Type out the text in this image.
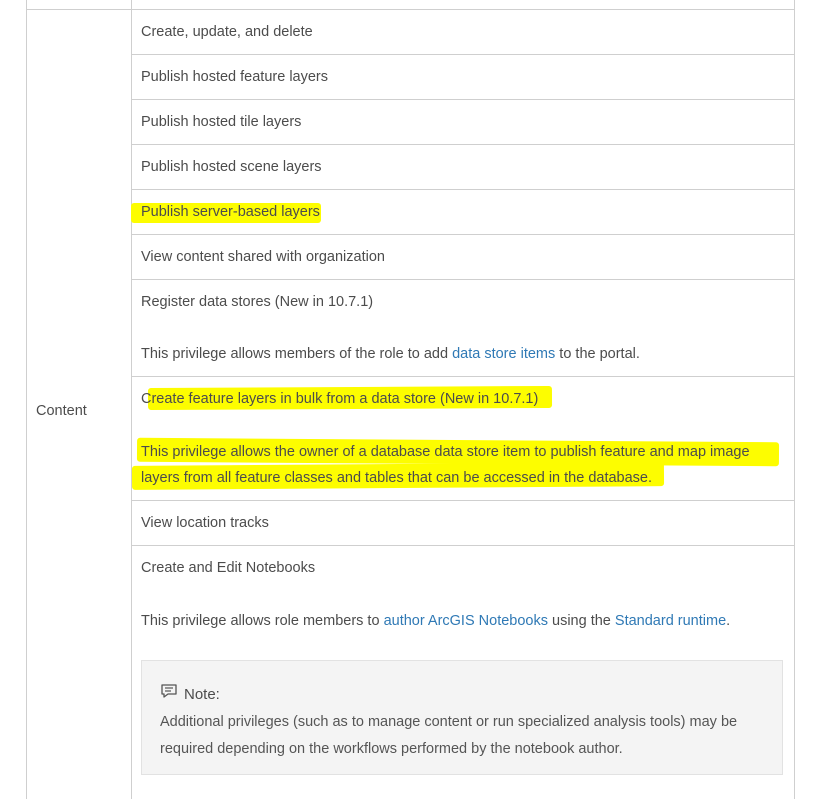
Content
Create, update, and delete
Publish hosted feature layers
Publish hosted tile layers
Publish hosted scene layers
Publish server-based layers
View content shared with organization
Register data stores (New in 10.7.1)
This privilege allows members of the role to add data store items to the portal.
Create feature layers in bulk from a data store (New in 10.7.1)
This privilege allows the owner of a database data store item to publish feature and map image
layers from all feature classes and tables that can be accessed in the database.
View location tracks
Create and Edit Notebooks
This privilege allows role members to author ArcGIS Notebooks using the Standard runtime.
Note:
Additional privileges (such as to manage content or run specialized analysis tools) may be
required depending on the workflows performed by the notebook author.
